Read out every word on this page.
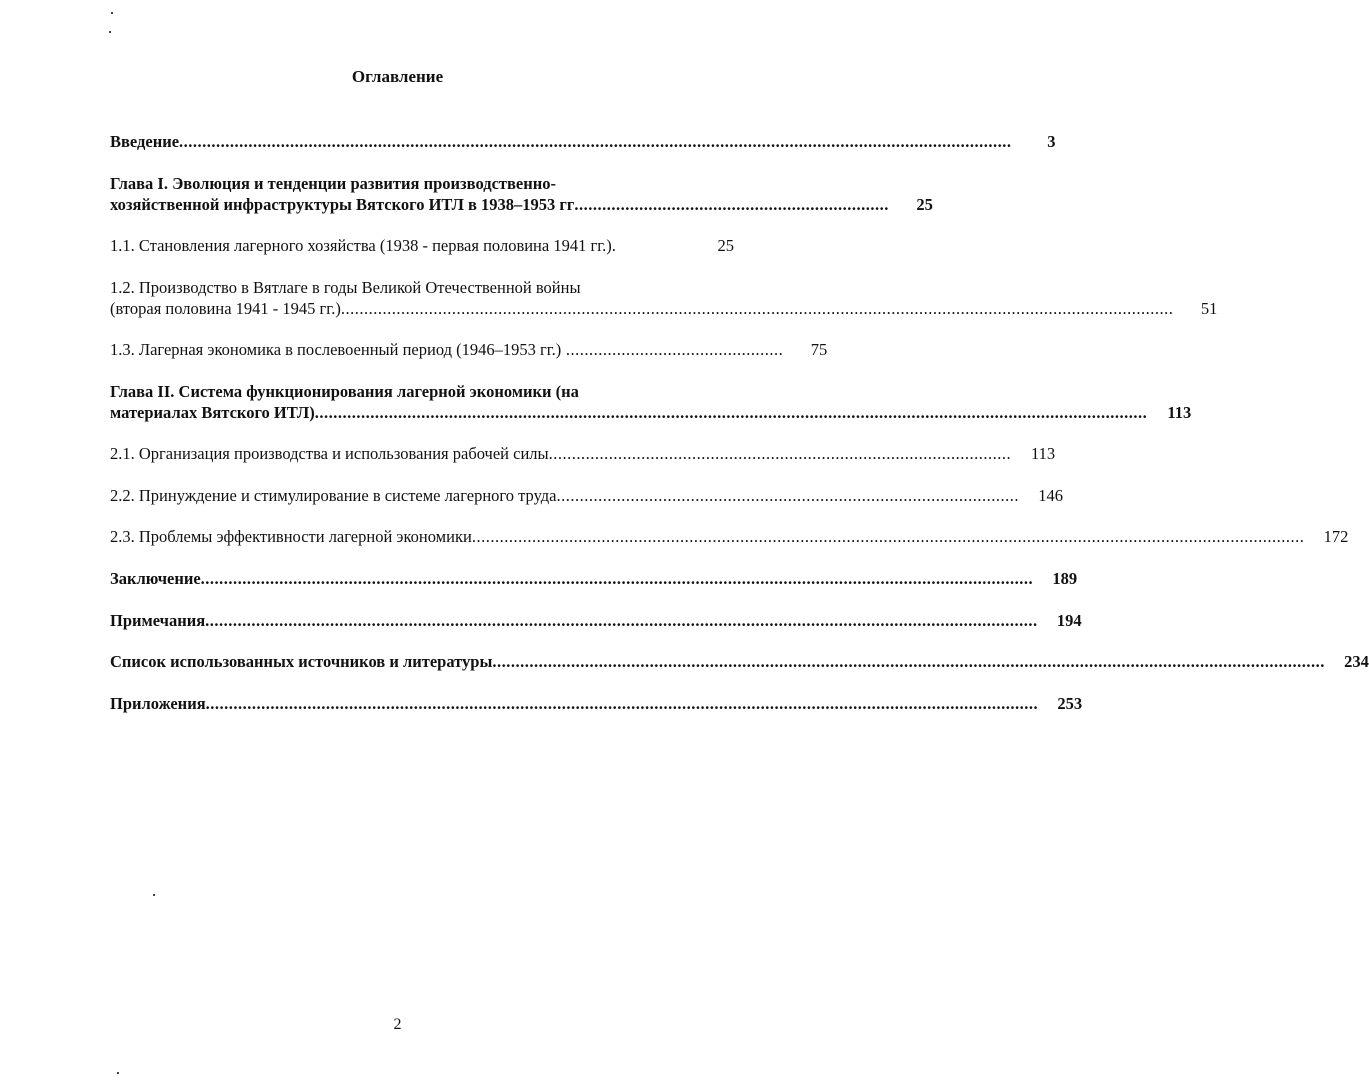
Оглавление
Введение ....................................................................................................................................................................................	3
Глава I. Эволюция и тенденции развития производственно-
хозяйственной инфраструктуры Вятского ИТЛ в 1938–1953 гг ....................................................................	25
1.1. Становления лагерного хозяйства (1938 - первая половина 1941 гг.).	25
1.2. Производство в Вятлаге в годы Великой Отечественной войны
(вторая половина 1941 - 1945 гг.) ....................................................................................................................................................................................	51
1.3. Лагерная экономика в послевоенный период (1946–1953 гг.) ...............................................	75
Глава II. Система функционирования лагерной экономики (на
материалах Вятского ИТЛ) ....................................................................................................................................................................................	113
2.1. Организация производства и использования рабочей силы ....................................................................................................	113
2.2. Принуждение и стимулирование в системе лагерного труда ....................................................................................................	146
2.3. Проблемы эффективности лагерной экономики ....................................................................................................................................................................................	172
Заключение ....................................................................................................................................................................................	189
Примечания ....................................................................................................................................................................................	194
Список использованных источников и литературы ....................................................................................................................................................................................	234
Приложения ....................................................................................................................................................................................	253
2
